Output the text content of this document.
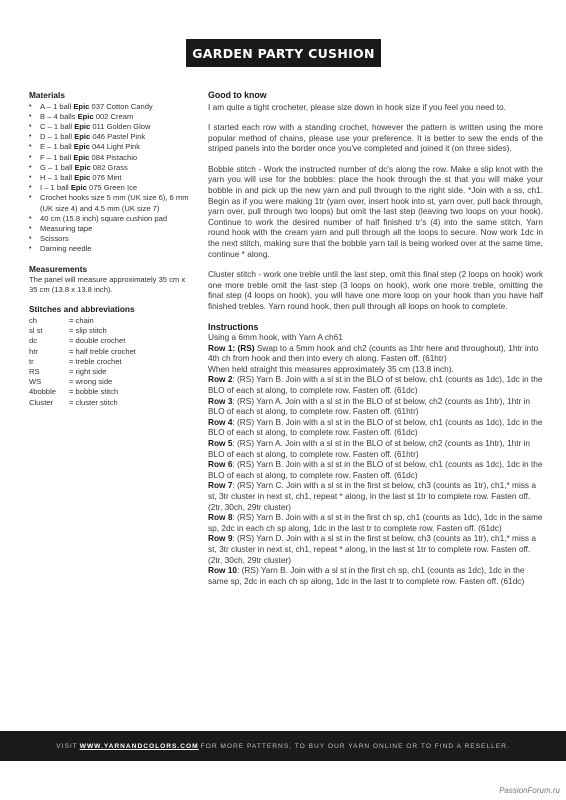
GARDEN PARTY CUSHION
Materials
• A – 1 ball Epic 037 Cotton Candy
• B – 4 balls Epic 002 Cream
• C – 1 ball Epic 011 Golden Glow
• D – 1 ball Epic 046 Pastel Pink
• E – 1 ball Epic 044 Light Pink
• F – 1 ball Epic 084 Pistachio
• G – 1 ball Epic 082 Grass
• H – 1 ball Epic 076 Mint
• I – 1 ball Epic 075 Green Ice
• Crochet hooks size 5 mm (UK size 6), 6 mm (UK size 4) and 4.5 mm (UK size 7)
• 40 cm (15.8 inch) square cushion pad
• Measuring tape
• Scissors
• Darning needle
Measurements

The panel will measure approximately 35 cm x 35 cm (13.8 x 13.8 inch).

Stitches and abbreviations
ch	= chain
sl st	= slip stitch
dc	= double crochet
htr	= half treble crochet
tr	= treble crochet
RS	= right side
WS	= wrong side
4bobble	= bobble stitch
Cluster	= cluster stitch
Good to know

I am quite a tight crocheter, please size down in hook size if you feel you need to.

I started each row with a standing crochet, however the pattern is written using the more popular method of chains, please use your preference. It is better to sew the ends of the striped panels into the border once you've completed and joined it (on three sides).

Bobble stitch - Work the instructed number of dc's along the row. Make a slip knot with the yarn you will use for the bobbles: place the hook through the st that you will make your bobble in and pick up the new yarn and pull through to the right side. *Join with a ss, ch1. Begin as if you were making 1tr (yarn over, insert hook into st, yarn over, pull back through, yarn over, pull through two loops) but omit the last step (leaving two loops on your hook). Continue to work the desired number of half finished tr's (4) into the same stitch. Yarn round hook with the cream yarn and pull through all the loops to secure. Now work 1dc in the next stitch, making sure that the bobble yarn tail is being worked over at the same time, continue * along.

Cluster stitch - work one treble until the last step, omit this final step (2 loops on hook) work one more treble omit the last step (3 loops on hook), work one more treble, omitting the final step (4 loops on hook), you will have one more loop on your hook than you have half finished trebles. Yarn round hook, then pull through all loops on hook to complete.

Instructions

Using a 6mm hook, with Yarn A ch61

Row 1: (RS) Swap to a 5mm hook and ch2 (counts as 1htr here and throughout), 1htr into 4th ch from hook and then into every ch along. Fasten off. (61htr)

When held straight this measures approximately 35 cm (13.8 inch).

Row 2: (RS) Yarn B. Join with a sl st in the BLO of st below, ch1 (counts as 1dc), 1dc in the BLO of each st along, to complete row. Fasten off. (61dc)

Row 3: (RS) Yarn A. Join with a sl st in the BLO of st below, ch2 (counts as 1htr), 1htr in BLO of each st along, to complete row. Fasten off. (61htr)

Row 4: (RS) Yarn B. Join with a sl st in the BLO of st below, ch1 (counts as 1dc), 1dc in the BLO of each st along, to complete row. Fasten off. (61dc)

Row 5: (RS) Yarn A. Join with a sl st in the BLO of st below, ch2 (counts as 1htr), 1htr in BLO of each st along, to complete row. Fasten off. (61htr)

Row 6: (RS) Yarn B. Join with a sl st in the BLO of st below, ch1 (counts as 1dc), 1dc in the BLO of each st along, to complete row. Fasten off. (61dc)

Row 7: (RS) Yarn C. Join with a sl st in the first st below, ch3 (counts as 1tr), ch1,* miss a st, 3tr cluster in next st, ch1, repeat * along, in the last st 1tr to complete row. Fasten off. (2tr, 30ch, 29tr cluster)

Row 8: (RS) Yarn B. Join with a sl st in the first ch sp, ch1 (counts as 1dc), 1dc in the same sp, 2dc in each ch sp along, 1dc in the last tr to complete row. Fasten off. (61dc)

Row 9: (RS) Yarn D. Join with a sl st in the first st below, ch3 (counts as 1tr), ch1,* miss a st, 3tr cluster in next st, ch1, repeat * along, in the last st 1tr to complete row. Fasten off. (2tr, 30ch, 29tr cluster)

Row 10: (RS) Yarn B. Join with a sl st in the first ch sp, ch1 (counts as 1dc), 1dc in the same sp, 2dc in each ch sp along, 1dc in the last tr to complete row. Fasten off. (61dc)

VISIT WWW.YARNANDCOLORS.COM FOR MORE PATTERNS, TO BUY OUR YARN ONLINE OR TO FIND A RESELLER.
PassionForum.ru
